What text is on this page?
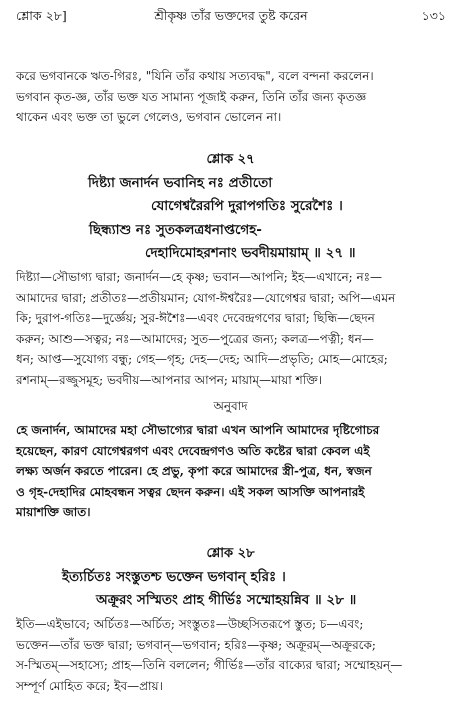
শ্লোক ২৮]	শ্রীকৃষ্ণ তাঁর ভক্তদের তুষ্ট করেন	১৩১
করে ভগবানকে ঋত-গিরঃ, "যিনি তাঁর কথায় সত্যবদ্ধ", বলে বন্দনা করলেন।
ভগবান কৃত-জ্ঞ, তাঁর ভক্ত যত সামান্য পূজাই করুন, তিনি তাঁর জন্য কৃতজ্ঞ
থাকেন এবং ভক্ত তা ভুলে গেলেও, ভগবান ভোলেন না।
শ্লোক ২৭
দিষ্ট্যা জনার্দন ভবানিহ নঃ প্রতীতো
যোগেশ্বরৈরপি দুরাপগতিঃ সুরেশৈঃ ।
ছিন্ধ্যাশু নঃ সুতকলত্রধনাপ্তগেহ-
দেহাদিমোহরশনাং ভবদীয়মায়াম্ ॥ ২৭ ॥
দিষ্ট্যা—সৌভাগ্য দ্বারা; জনার্দন—হে কৃষ্ণ; ভবান—আপনি; ইহ—এখানে; নঃ—
আমাদের দ্বারা; প্রতীতঃ—প্রতীয়মান; যোগ-ঈশ্বরৈঃ—যোগেশ্বর দ্বারা; অপি—এমন
কি; দুরাপ-গতিঃ—দুর্জ্ঞেয়; সুর-ঈশৈঃ—এবং দেবেন্দ্রগণের দ্বারা; ছিন্ধি—ছেদন
করুন; আশু—সত্বর; নঃ—আমাদের; সুত—পুত্রের জন্য; কলত্র—পত্নী; ধন—
ধন; আপ্ত—সুযোগ্য বন্ধু; গেহ—গৃহ; দেহ—দেহ; আদি—প্রভৃতি; মোহ—মোহের;
রশনাম্—রজ্জুসমূহ; ভবদীয়—আপনার আপন; মায়াম্—মায়া শক্তি।
অনুবাদ
হে জনার্দন, আমাদের মহা সৌভাগ্যের দ্বারা এখন আপনি আমাদের দৃষ্টিগোচর
হয়েছেন, কারণ যোগেশ্বরগণ এবং দেবেন্দ্রগণও অতি কষ্টের দ্বারা কেবল এই
লক্ষ্য অর্জন করতে পারেন। হে প্রভু, কৃপা করে আমাদের স্ত্রী-পুত্র, ধন, স্বজন
ও গৃহ-দেহাদির মোহবন্ধন সত্বর ছেদন করুন। এই সকল আসক্তি আপনারই
মায়াশক্তি জাত।
শ্লোক ২৮
ইত্যর্চিতঃ সংস্তুতশ্চ ভক্তেন ভগবান্ হরিঃ ।
অক্রূরং সস্মিতং প্রাহ গীর্ভিঃ সম্মোহয়ন্নিব ॥ ২৮ ॥
ইতি—এইভাবে; অর্চিতঃ—অর্চিত; সংস্তুতঃ—উচ্ছসিতরূপে স্তুত; চ—এবং;
ভক্তেন—তাঁর ভক্ত দ্বারা; ভগবান্—ভগবান; হরিঃ—কৃষ্ণ; অক্রূরম্—অক্রূরকে;
স-স্মিতম্—সহাস্যে; প্রাহ—তিনি বললেন; গীর্ভিঃ—তাঁর বাক্যের দ্বারা; সম্মোহয়ন্—
সম্পূর্ণ মোহিত করে; ইব—প্রায়।
